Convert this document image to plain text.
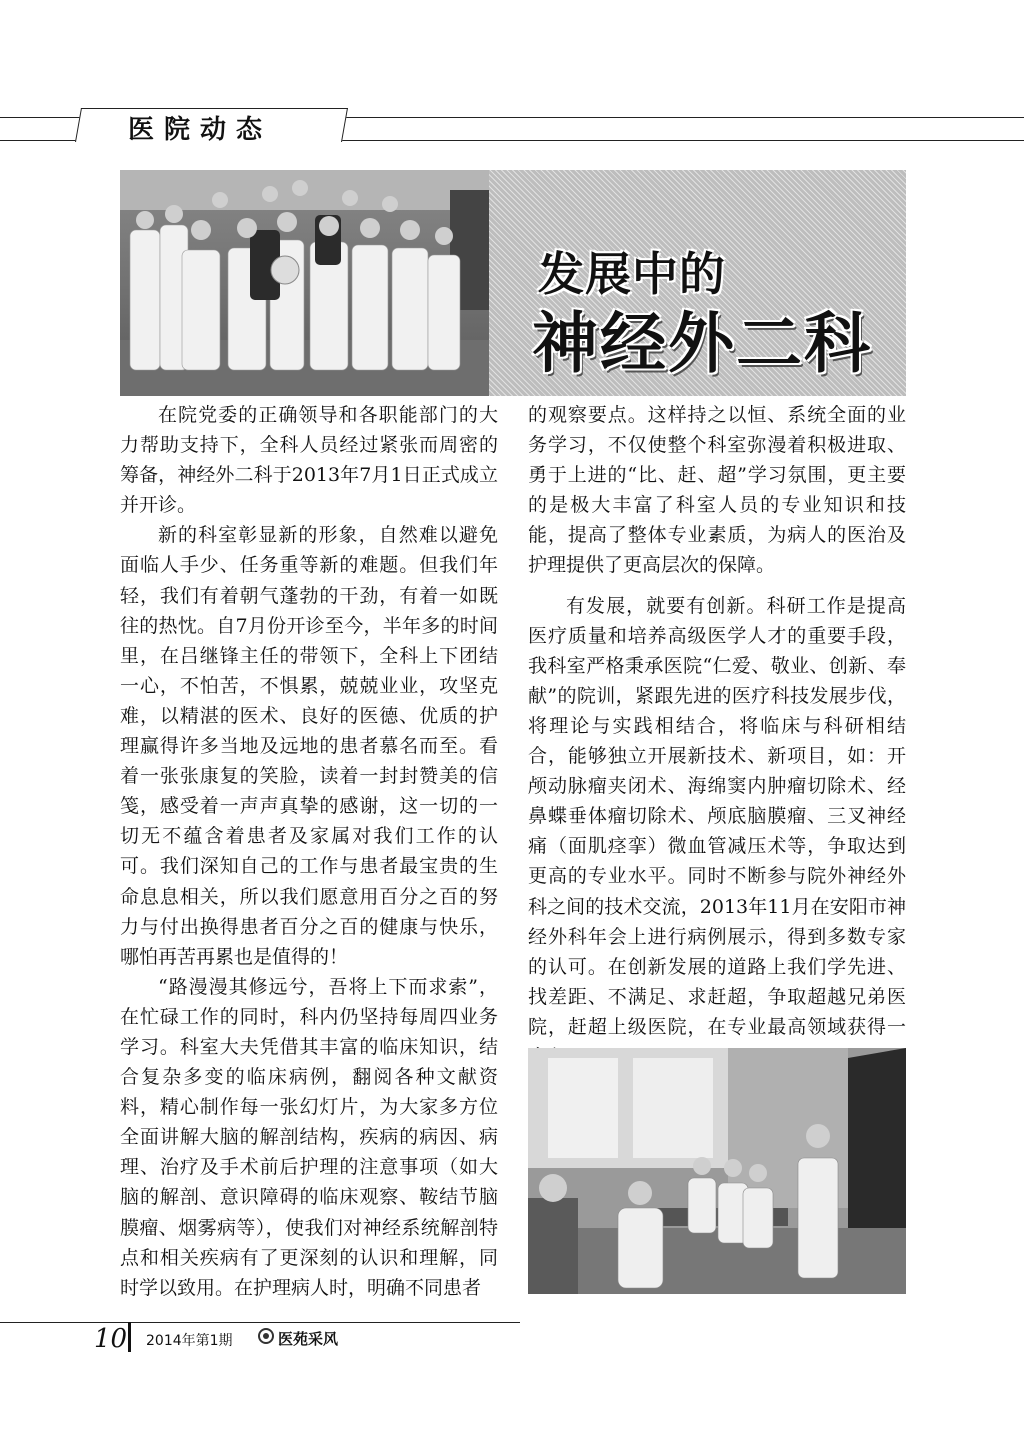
医院动态
发展中的
神经外二科

在院党委的正确领导和各职能部门的大力帮助支持下，全科人员经过紧张而周密的筹备，神经外二科于2013年7月1日正式成立并开诊。

新的科室彰显新的形象，自然难以避免面临人手少、任务重等新的难题。但我们年轻，我们有着朝气蓬勃的干劲，有着一如既往的热忱。自7月份开诊至今，半年多的时间里，在吕继锋主任的带领下，全科上下团结一心，不怕苦，不惧累，兢兢业业，攻坚克难，以精湛的医术、良好的医德、优质的护理赢得许多当地及远地的患者慕名而至。看着一张张康复的笑脸，读着一封封赞美的信笺，感受着一声声真挚的感谢，这一切的一切无不蕴含着患者及家属对我们工作的认可。我们深知自己的工作与患者最宝贵的生命息息相关，所以我们愿意用百分之百的努力与付出换得患者百分之百的健康与快乐，哪怕再苦再累也是值得的！

“路漫漫其修远兮，吾将上下而求索”，在忙碌工作的同时，科内仍坚持每周四业务学习。科室大夫凭借其丰富的临床知识，结合复杂多变的临床病例，翻阅各种文献资料，精心制作每一张幻灯片，为大家多方位全面讲解大脑的解剖结构，疾病的病因、病理、治疗及手术前后护理的注意事项（如大脑的解剖、意识障碍的临床观察、鞍结节脑膜瘤、烟雾病等），使我们对神经系统解剖特点和相关疾病有了更深刻的认识和理解，同时学以致用。在护理病人时，明确不同患者

的观察要点。这样持之以恒、系统全面的业务学习，不仅使整个科室弥漫着积极进取、勇于上进的“比、赶、超”学习氛围，更主要的是极大丰富了科室人员的专业知识和技能，提高了整体专业素质，为病人的医治及护理提供了更高层次的保障。

有发展，就要有创新。科研工作是提高医疗质量和培养高级医学人才的重要手段，我科室严格秉承医院“仁爱、敬业、创新、奉献”的院训，紧跟先进的医疗科技发展步伐，将理论与实践相结合，将临床与科研相结合，能够独立开展新技术、新项目，如：开颅动脉瘤夹闭术、海绵窦内肿瘤切除术、经鼻蝶垂体瘤切除术、颅底脑膜瘤、三叉神经痛（面肌痉挛）微血管减压术等，争取达到更高的专业水平。同时不断参与院外神经外科之间的技术交流，2013年11月在安阳市神经外科年会上进行病例展示，得到多数专家的认可。在创新发展的道路上我们学先进、找差距、不满足、求赶超，争取超越兄弟医院，赶超上级医院，在专业最高领域获得一

10 2014年第1期	医苑采风
